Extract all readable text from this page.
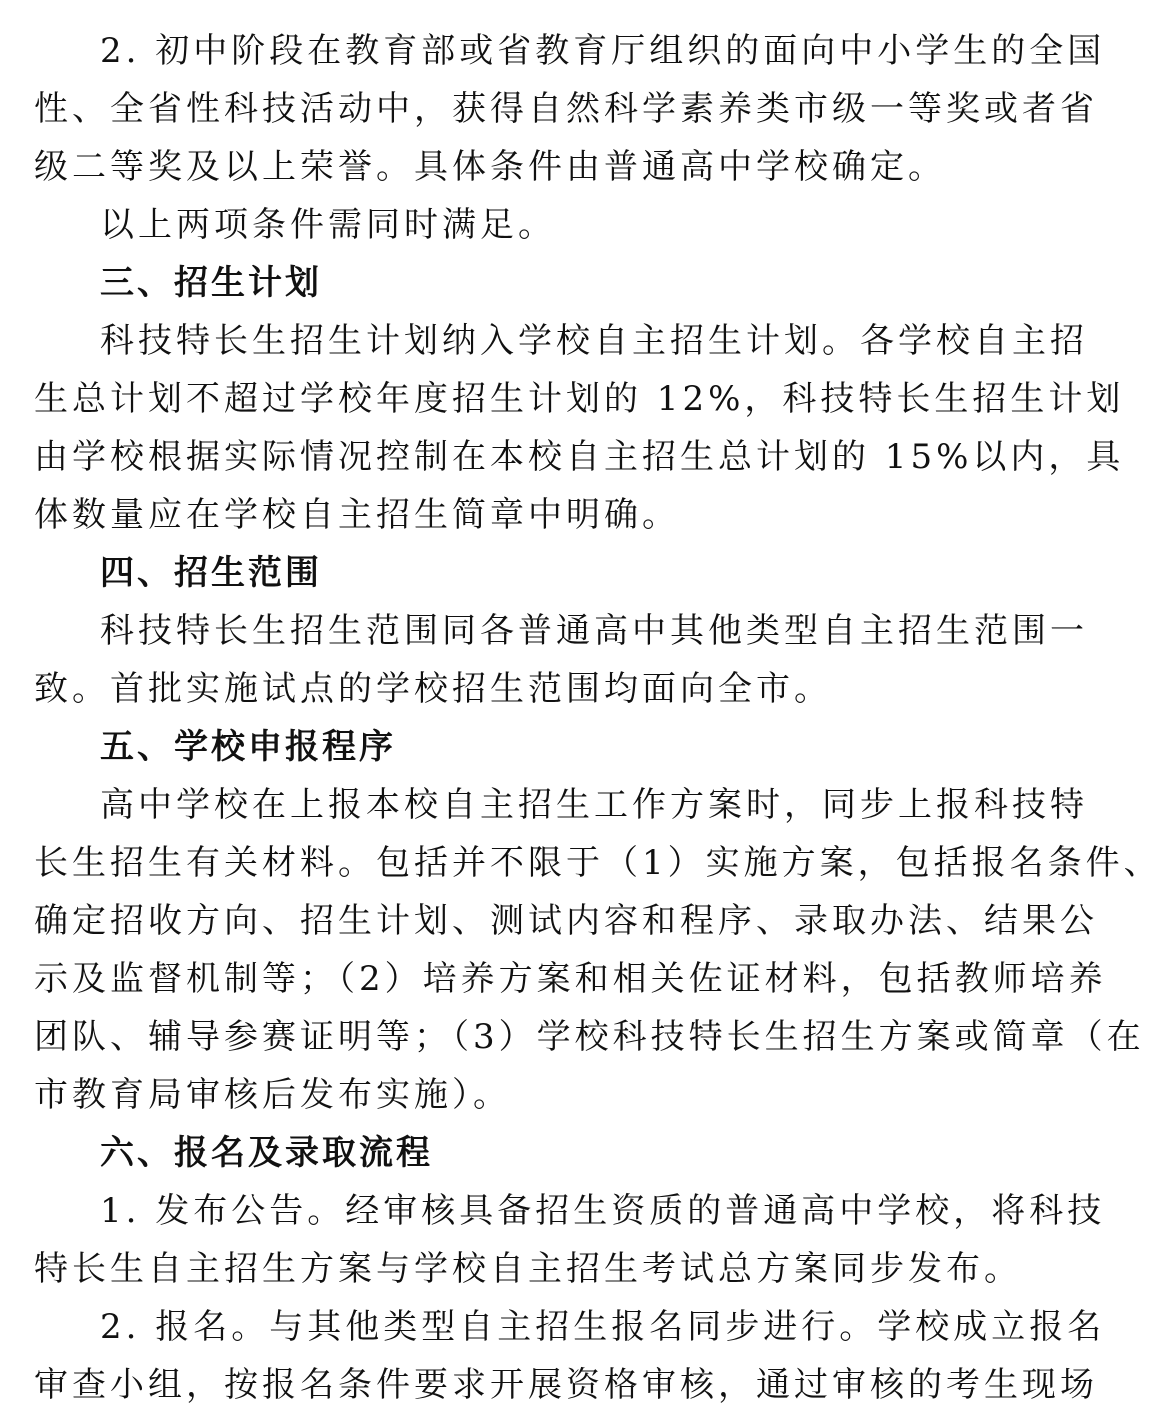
2. 初中阶段在教育部或省教育厅组织的面向中小学生的全国
性、全省性科技活动中，获得自然科学素养类市级一等奖或者省
级二等奖及以上荣誉。具体条件由普通高中学校确定。
以上两项条件需同时满足。
三、招生计划
科技特长生招生计划纳入学校自主招生计划。各学校自主招
生总计划不超过学校年度招生计划的 12%，科技特长生招生计划
由学校根据实际情况控制在本校自主招生总计划的 15%以内，具
体数量应在学校自主招生简章中明确。
四、招生范围
科技特长生招生范围同各普通高中其他类型自主招生范围一
致。首批实施试点的学校招生范围均面向全市。
五、学校申报程序
高中学校在上报本校自主招生工作方案时，同步上报科技特
长生招生有关材料。包括并不限于（1）实施方案，包括报名条件、
确定招收方向、招生计划、测试内容和程序、录取办法、结果公
示及监督机制等；（2）培养方案和相关佐证材料，包括教师培养
团队、辅导参赛证明等；（3）学校科技特长生招生方案或简章（在
市教育局审核后发布实施）。
六、报名及录取流程
1. 发布公告。经审核具备招生资质的普通高中学校，将科技
特长生自主招生方案与学校自主招生考试总方案同步发布。
2. 报名。与其他类型自主招生报名同步进行。学校成立报名
审查小组，按报名条件要求开展资格审核，通过审核的考生现场
